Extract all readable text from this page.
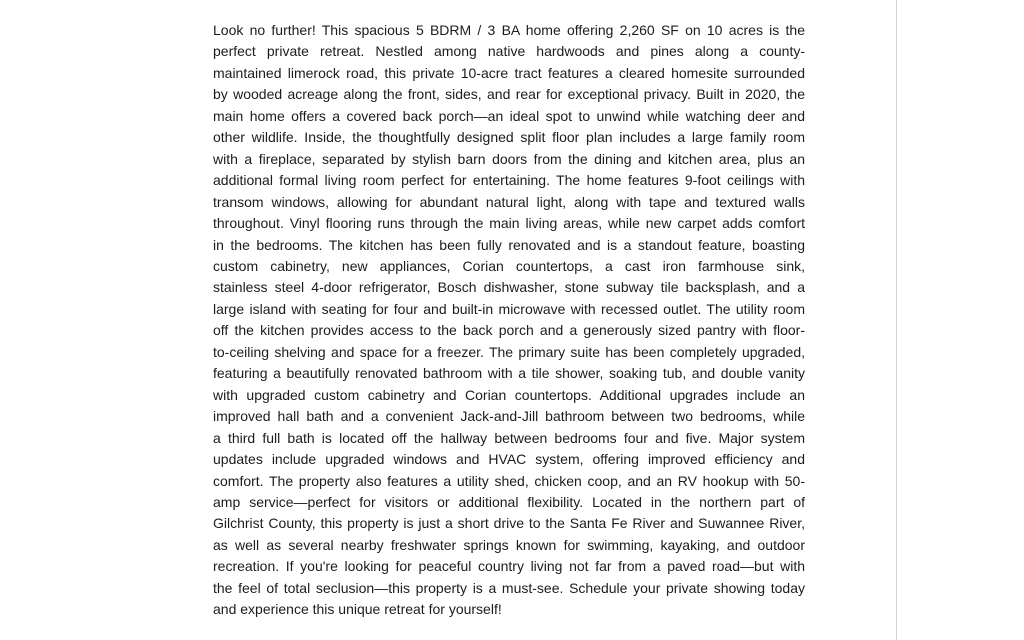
Look no further! This spacious 5 BDRM / 3 BA home offering 2,260 SF on 10 acres is the
perfect private retreat. Nestled among native hardwoods and pines along a county-
maintained limerock road, this private 10-acre tract features a cleared homesite surrounded
by wooded acreage along the front, sides, and rear for exceptional privacy. Built in 2020, the
main home offers a covered back porch—an ideal spot to unwind while watching deer and
other wildlife. Inside, the thoughtfully designed split floor plan includes a large family room
with a fireplace, separated by stylish barn doors from the dining and kitchen area, plus an
additional formal living room perfect for entertaining. The home features 9-foot ceilings with
transom windows, allowing for abundant natural light, along with tape and textured walls
throughout. Vinyl flooring runs through the main living areas, while new carpet adds comfort
in the bedrooms. The kitchen has been fully renovated and is a standout feature, boasting
custom cabinetry, new appliances, Corian countertops, a cast iron farmhouse sink,
stainless steel 4-door refrigerator, Bosch dishwasher, stone subway tile backsplash, and a
large island with seating for four and built-in microwave with recessed outlet. The utility room
off the kitchen provides access to the back porch and a generously sized pantry with floor-
to-ceiling shelving and space for a freezer. The primary suite has been completely upgraded,
featuring a beautifully renovated bathroom with a tile shower, soaking tub, and double vanity
with upgraded custom cabinetry and Corian countertops. Additional upgrades include an
improved hall bath and a convenient Jack-and-Jill bathroom between two bedrooms, while
a third full bath is located off the hallway between bedrooms four and five. Major system
updates include upgraded windows and HVAC system, offering improved efficiency and
comfort. The property also features a utility shed, chicken coop, and an RV hookup with 50-
amp service—perfect for visitors or additional flexibility. Located in the northern part of
Gilchrist County, this property is just a short drive to the Santa Fe River and Suwannee River,
as well as several nearby freshwater springs known for swimming, kayaking, and outdoor
recreation. If you're looking for peaceful country living not far from a paved road—but with
the feel of total seclusion—this property is a must-see. Schedule your private showing today
and experience this unique retreat for yourself!
